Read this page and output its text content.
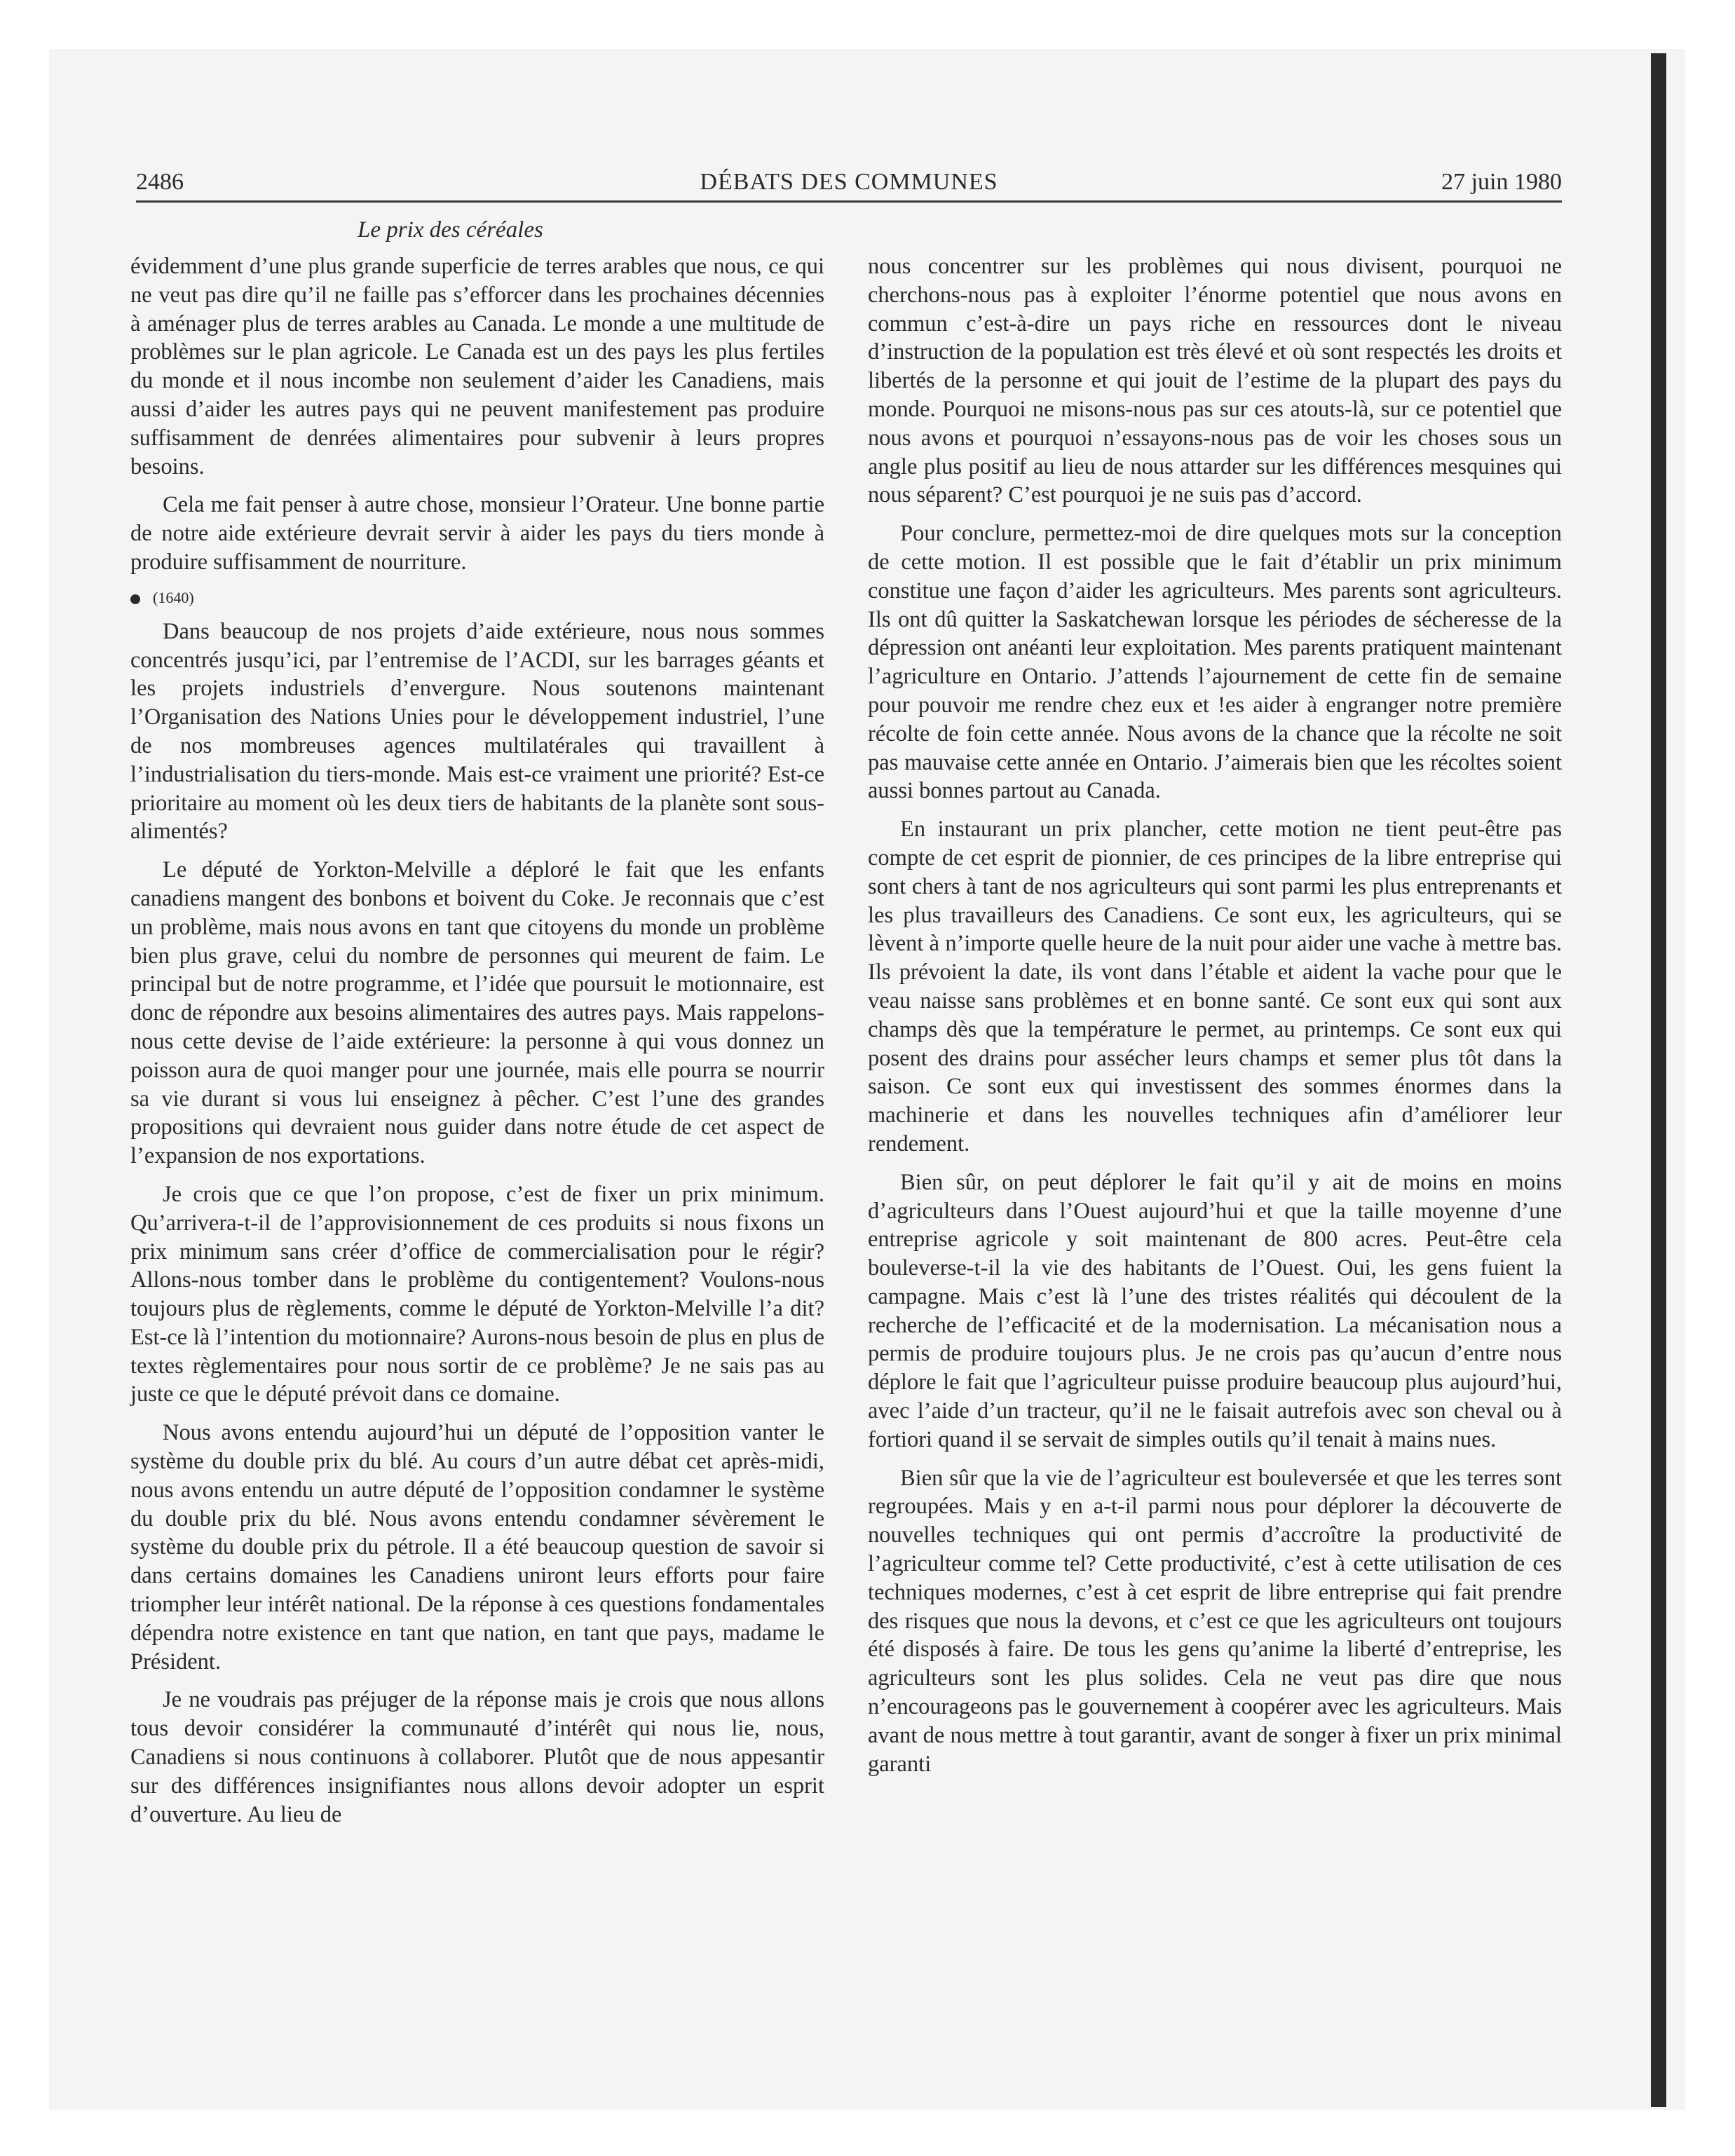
2486	DÉBATS DES COMMUNES	27 juin 1980
Le prix des céréales

évidemment d’une plus grande superficie de terres arables que nous, ce qui ne veut pas dire qu’il ne faille pas s’efforcer dans les prochaines décennies à aménager plus de terres arables au Canada. Le monde a une multitude de problèmes sur le plan agricole. Le Canada est un des pays les plus fertiles du monde et il nous incombe non seulement d’aider les Canadiens, mais aussi d’aider les autres pays qui ne peuvent manifestement pas produire suffisamment de denrées alimentaires pour subvenir à leurs propres besoins.

Cela me fait penser à autre chose, monsieur l’Orateur. Une bonne partie de notre aide extérieure devrait servir à aider les pays du tiers monde à produire suffisamment de nourriture.

(1640)

Dans beaucoup de nos projets d’aide extérieure, nous nous sommes concentrés jusqu’ici, par l’entremise de l’ACDI, sur les barrages géants et les projets industriels d’envergure. Nous soutenons maintenant l’Organisation des Nations Unies pour le développement industriel, l’une de nos mombreuses agences multilatérales qui travaillent à l’industrialisation du tiers-monde. Mais est-ce vraiment une priorité? Est-ce prioritaire au moment où les deux tiers de habitants de la planète sont sous-alimentés?

Le député de Yorkton-Melville a déploré le fait que les enfants canadiens mangent des bonbons et boivent du Coke. Je reconnais que c’est un problème, mais nous avons en tant que citoyens du monde un problème bien plus grave, celui du nombre de personnes qui meurent de faim. Le principal but de notre programme, et l’idée que poursuit le motionnaire, est donc de répondre aux besoins alimentaires des autres pays. Mais rappelons-nous cette devise de l’aide extérieure: la personne à qui vous donnez un poisson aura de quoi manger pour une journée, mais elle pourra se nourrir sa vie durant si vous lui enseignez à pêcher. C’est l’une des grandes propositions qui devraient nous guider dans notre étude de cet aspect de l’expansion de nos exportations.

Je crois que ce que l’on propose, c’est de fixer un prix minimum. Qu’arrivera-t-il de l’approvisionnement de ces produits si nous fixons un prix minimum sans créer d’office de commercialisation pour le régir? Allons-nous tomber dans le problème du contigentement? Voulons-nous toujours plus de règlements, comme le député de Yorkton-Melville l’a dit? Est-ce là l’intention du motionnaire? Aurons-nous besoin de plus en plus de textes règlementaires pour nous sortir de ce problème? Je ne sais pas au juste ce que le député prévoit dans ce domaine.

Nous avons entendu aujourd’hui un député de l’opposition vanter le système du double prix du blé. Au cours d’un autre débat cet après-midi, nous avons entendu un autre député de l’opposition condamner le système du double prix du blé. Nous avons entendu condamner sévèrement le système du double prix du pétrole. Il a été beaucoup question de savoir si dans certains domaines les Canadiens uniront leurs efforts pour faire triompher leur intérêt national. De la réponse à ces questions fondamentales dépendra notre existence en tant que nation, en tant que pays, madame le Président.

Je ne voudrais pas préjuger de la réponse mais je crois que nous allons tous devoir considérer la communauté d’intérêt qui nous lie, nous, Canadiens si nous continuons à collaborer. Plutôt que de nous appesantir sur des différences insignifiantes nous allons devoir adopter un esprit d’ouverture. Au lieu de

nous concentrer sur les problèmes qui nous divisent, pourquoi ne cherchons-nous pas à exploiter l’énorme potentiel que nous avons en commun c’est-à-dire un pays riche en ressources dont le niveau d’instruction de la population est très élevé et où sont respectés les droits et libertés de la personne et qui jouit de l’estime de la plupart des pays du monde. Pourquoi ne misons-nous pas sur ces atouts-là, sur ce potentiel que nous avons et pourquoi n’essayons-nous pas de voir les choses sous un angle plus positif au lieu de nous attarder sur les différences mesquines qui nous séparent? C’est pourquoi je ne suis pas d’accord.

Pour conclure, permettez-moi de dire quelques mots sur la conception de cette motion. Il est possible que le fait d’établir un prix minimum constitue une façon d’aider les agriculteurs. Mes parents sont agriculteurs. Ils ont dû quitter la Saskatchewan lorsque les périodes de sécheresse de la dépression ont anéanti leur exploitation. Mes parents pratiquent maintenant l’agriculture en Ontario. J’attends l’ajournement de cette fin de semaine pour pouvoir me rendre chez eux et !es aider à engranger notre première récolte de foin cette année. Nous avons de la chance que la récolte ne soit pas mauvaise cette année en Ontario. J’aimerais bien que les récoltes soient aussi bonnes partout au Canada.

En instaurant un prix plancher, cette motion ne tient peut-être pas compte de cet esprit de pionnier, de ces principes de la libre entreprise qui sont chers à tant de nos agriculteurs qui sont parmi les plus entreprenants et les plus travailleurs des Canadiens. Ce sont eux, les agriculteurs, qui se lèvent à n’importe quelle heure de la nuit pour aider une vache à mettre bas. Ils prévoient la date, ils vont dans l’étable et aident la vache pour que le veau naisse sans problèmes et en bonne santé. Ce sont eux qui sont aux champs dès que la température le permet, au printemps. Ce sont eux qui posent des drains pour assécher leurs champs et semer plus tôt dans la saison. Ce sont eux qui investissent des sommes énormes dans la machinerie et dans les nouvelles techniques afin d’améliorer leur rendement.

Bien sûr, on peut déplorer le fait qu’il y ait de moins en moins d’agriculteurs dans l’Ouest aujourd’hui et que la taille moyenne d’une entreprise agricole y soit maintenant de 800 acres. Peut-être cela bouleverse-t-il la vie des habitants de l’Ouest. Oui, les gens fuient la campagne. Mais c’est là l’une des tristes réalités qui découlent de la recherche de l’efficacité et de la modernisation. La mécanisation nous a permis de produire toujours plus. Je ne crois pas qu’aucun d’entre nous déplore le fait que l’agriculteur puisse produire beaucoup plus aujourd’hui, avec l’aide d’un tracteur, qu’il ne le faisait autrefois avec son cheval ou à fortiori quand il se servait de simples outils qu’il tenait à mains nues.

Bien sûr que la vie de l’agriculteur est bouleversée et que les terres sont regroupées. Mais y en a-t-il parmi nous pour déplorer la découverte de nouvelles techniques qui ont permis d’accroître la productivité de l’agriculteur comme tel? Cette productivité, c’est à cette utilisation de ces techniques modernes, c’est à cet esprit de libre entreprise qui fait prendre des risques que nous la devons, et c’est ce que les agriculteurs ont toujours été disposés à faire. De tous les gens qu’anime la liberté d’entreprise, les agriculteurs sont les plus solides. Cela ne veut pas dire que nous n’encourageons pas le gouvernement à coopérer avec les agriculteurs. Mais avant de nous mettre à tout garantir, avant de songer à fixer un prix minimal garanti
